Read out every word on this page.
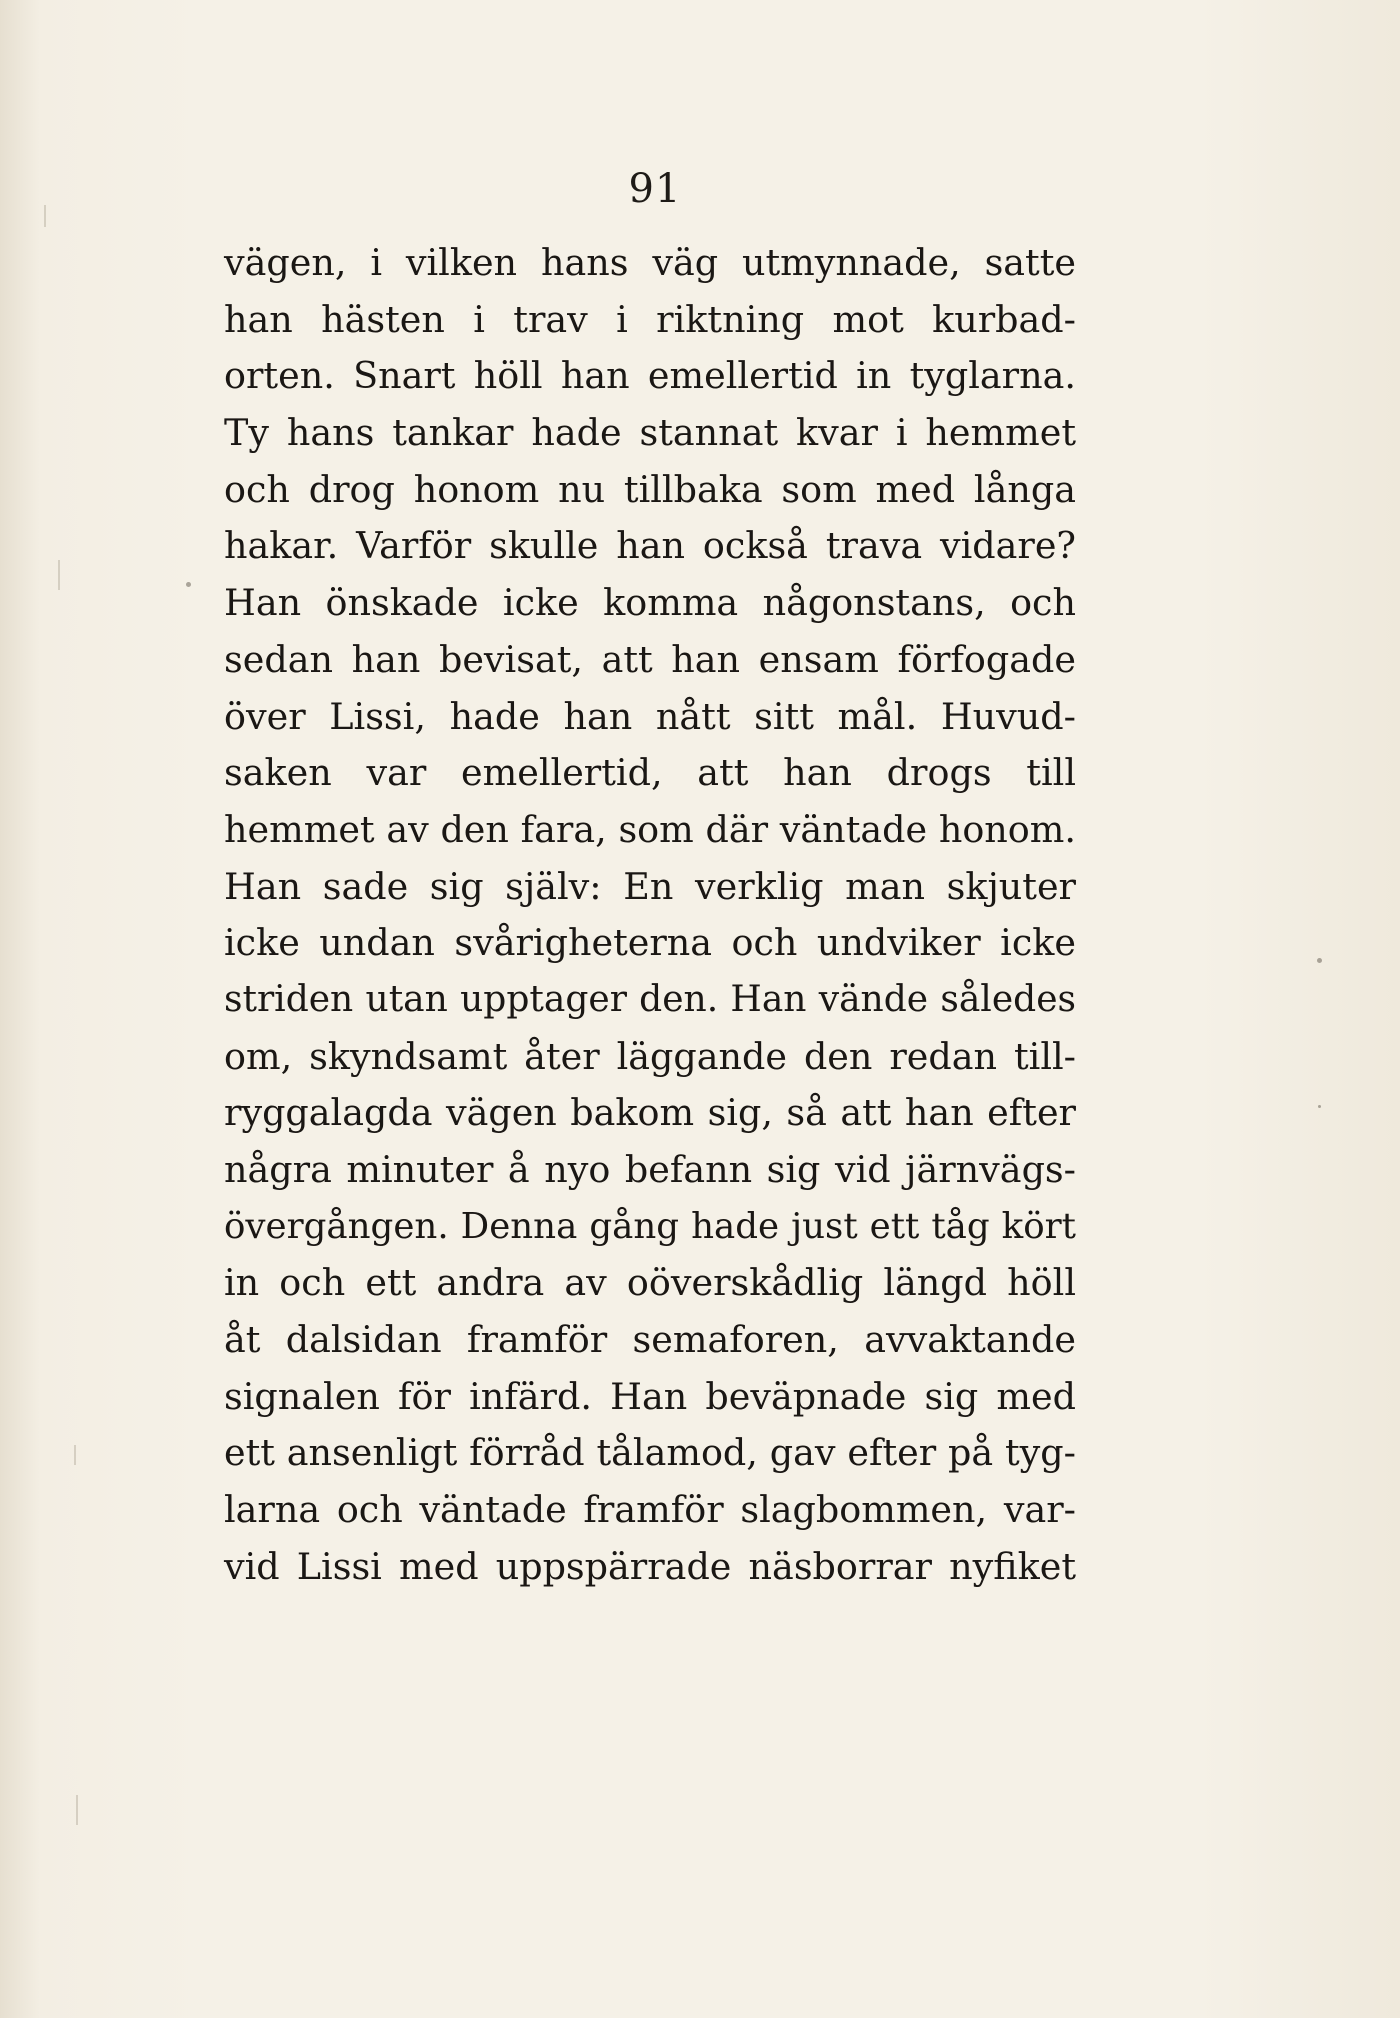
91
vägen, i vilken hans väg utmynnade, satte
han hästen i trav i riktning mot kurbad-
orten. Snart höll han emellertid in tyglarna.
Ty hans tankar hade stannat kvar i hemmet
och drog honom nu tillbaka som med långa
hakar. Varför skulle han också trava vidare?
Han önskade icke komma någonstans, och
sedan han bevisat, att han ensam förfogade
över Lissi, hade han nått sitt mål. Huvud-
saken var emellertid, att han drogs till
hemmet av den fara, som där väntade honom.
Han sade sig själv: En verklig man skjuter
icke undan svårigheterna och undviker icke
striden utan upptager den. Han vände således
om, skyndsamt åter läggande den redan till-
ryggalagda vägen bakom sig, så att han efter
några minuter å nyo befann sig vid järnvägs-
övergången. Denna gång hade just ett tåg kört
in och ett andra av oöverskådlig längd höll
åt dalsidan framför semaforen, avvaktande
signalen för infärd. Han beväpnade sig med
ett ansenligt förråd tålamod, gav efter på tyg-
larna och väntade framför slagbommen, var-
vid Lissi med uppspärrade näsborrar nyfiket
